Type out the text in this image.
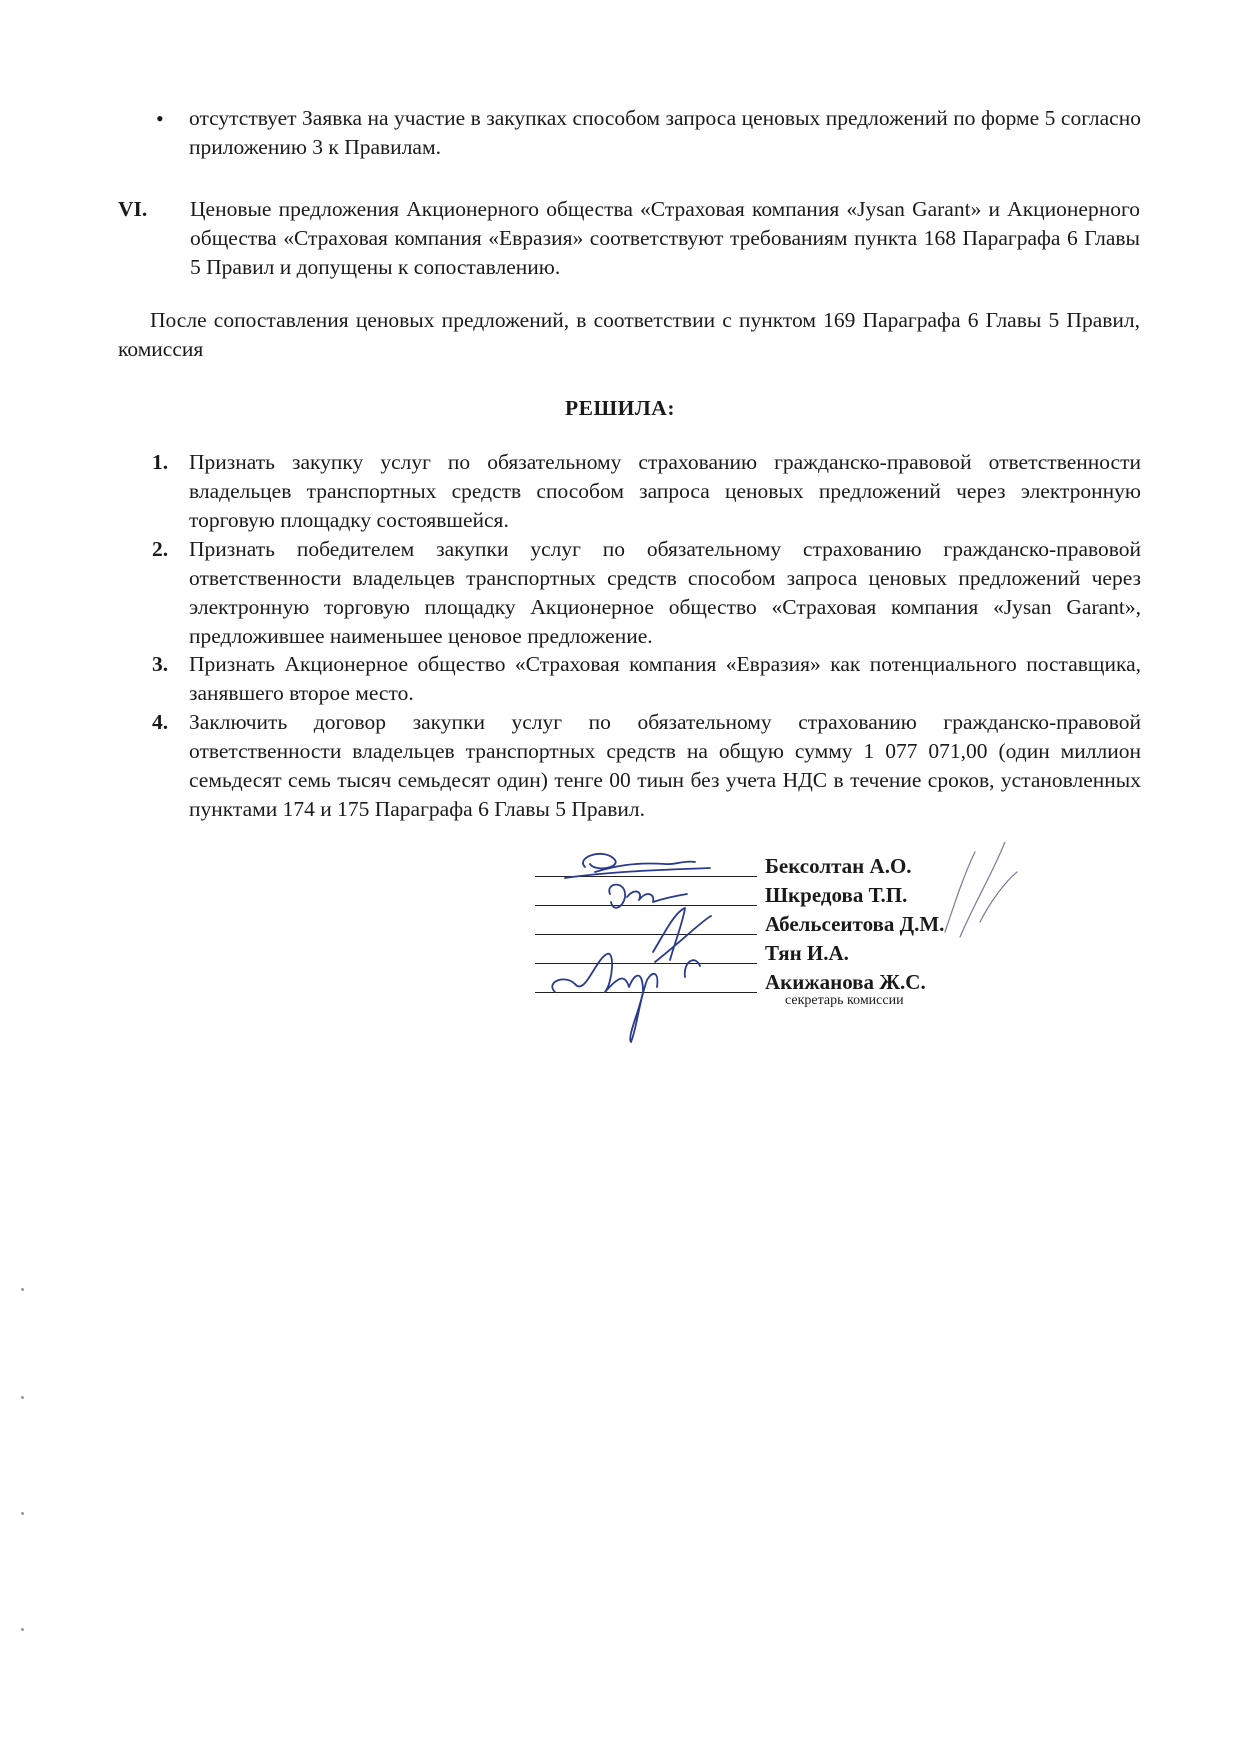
• отсутствует Заявка на участие в закупках способом запроса ценовых предложений по форме 5 согласно приложению 3 к Правилам.
VI. Ценовые предложения Акционерного общества «Страховая компания «Jysan Garant» и Акционерного общества «Страховая компания «Евразия» соответствуют требованиям пункта 168 Параграфа 6 Главы 5 Правил и допущены к сопоставлению.
После сопоставления ценовых предложений, в соответствии с пунктом 169 Параграфа 6 Главы 5 Правил, комиссия
РЕШИЛА:
1. Признать закупку услуг по обязательному страхованию гражданско-правовой ответственности владельцев транспортных средств способом запроса ценовых предложений через электронную торговую площадку состоявшейся.
2. Признать победителем закупки услуг по обязательному страхованию гражданско-правовой ответственности владельцев транспортных средств способом запроса ценовых предложений через электронную торговую площадку Акционерное общество «Страховая компания «Jysan Garant», предложившее наименьшее ценовое предложение.
3. Признать Акционерное общество «Страховая компания «Евразия» как потенциального поставщика, занявшего второе место.
4. Заключить договор закупки услуг по обязательному страхованию гражданско-правовой ответственности владельцев транспортных средств на общую сумму 1 077 071,00 (один миллион семьдесят семь тысяч семьдесят один) тенге 00 тиын без учета НДС в течение сроков, установленных пунктами 174 и 175 Параграфа 6 Главы 5 Правил.
Бексолтан А.О.
Шкредова Т.П.
Абельсеитова Д.М.
Тян И.А.
Акижанова Ж.С.
секретарь комиссии
